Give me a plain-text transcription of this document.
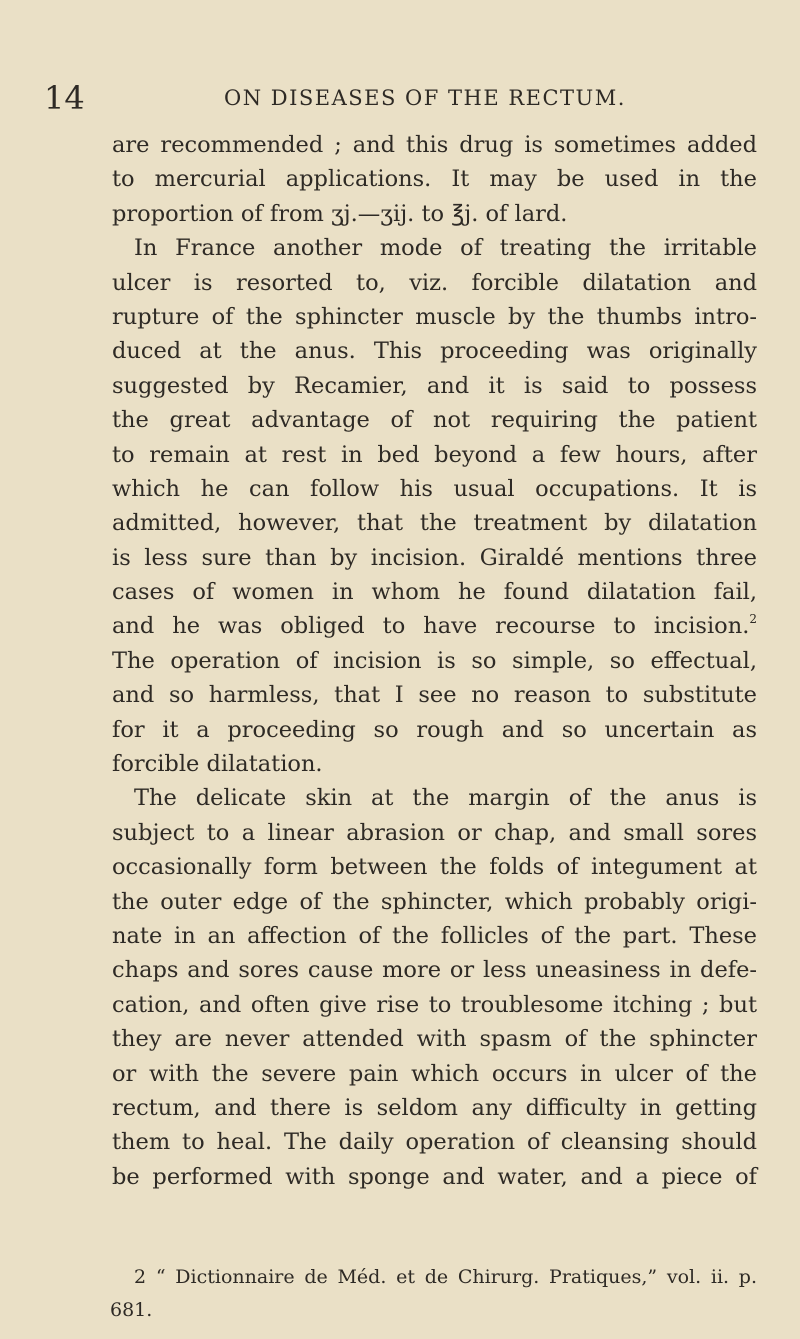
14	ON DISEASES OF THE RECTUM.
are recommended ; and this drug is sometimes added
to mercurial applications. It may be used in the
proportion of from ʒj.—ʒij. to ℥j. of lard.
In France another mode of treating the irritable
ulcer is resorted to, viz. forcible dilatation and
rupture of the sphincter muscle by the thumbs intro-
duced at the anus. This proceeding was originally
suggested by Recamier, and it is said to possess
the great advantage of not requiring the patient
to remain at rest in bed beyond a few hours, after
which he can follow his usual occupations. It is
admitted, however, that the treatment by dilatation
is less sure than by incision. Giraldé mentions three
cases of women in whom he found dilatation fail,
and he was obliged to have recourse to incision.$^2$
The operation of incision is so simple, so effectual,
and so harmless, that I see no reason to substitute
for it a proceeding so rough and so uncertain as
forcible dilatation.
The delicate skin at the margin of the anus is
subject to a linear abrasion or chap, and small sores
occasionally form between the folds of integument at
the outer edge of the sphincter, which probably origi-
nate in an affection of the follicles of the part. These
chaps and sores cause more or less uneasiness in defe-
cation, and often give rise to troublesome itching ; but
they are never attended with spasm of the sphincter
or with the severe pain which occurs in ulcer of the
rectum, and there is seldom any difficulty in getting
them to heal. The daily operation of cleansing should
be performed with sponge and water, and a piece of
2 “ Dictionnaire de Méd. et de Chirurg. Pratiques,” vol. ii. p.
681.
